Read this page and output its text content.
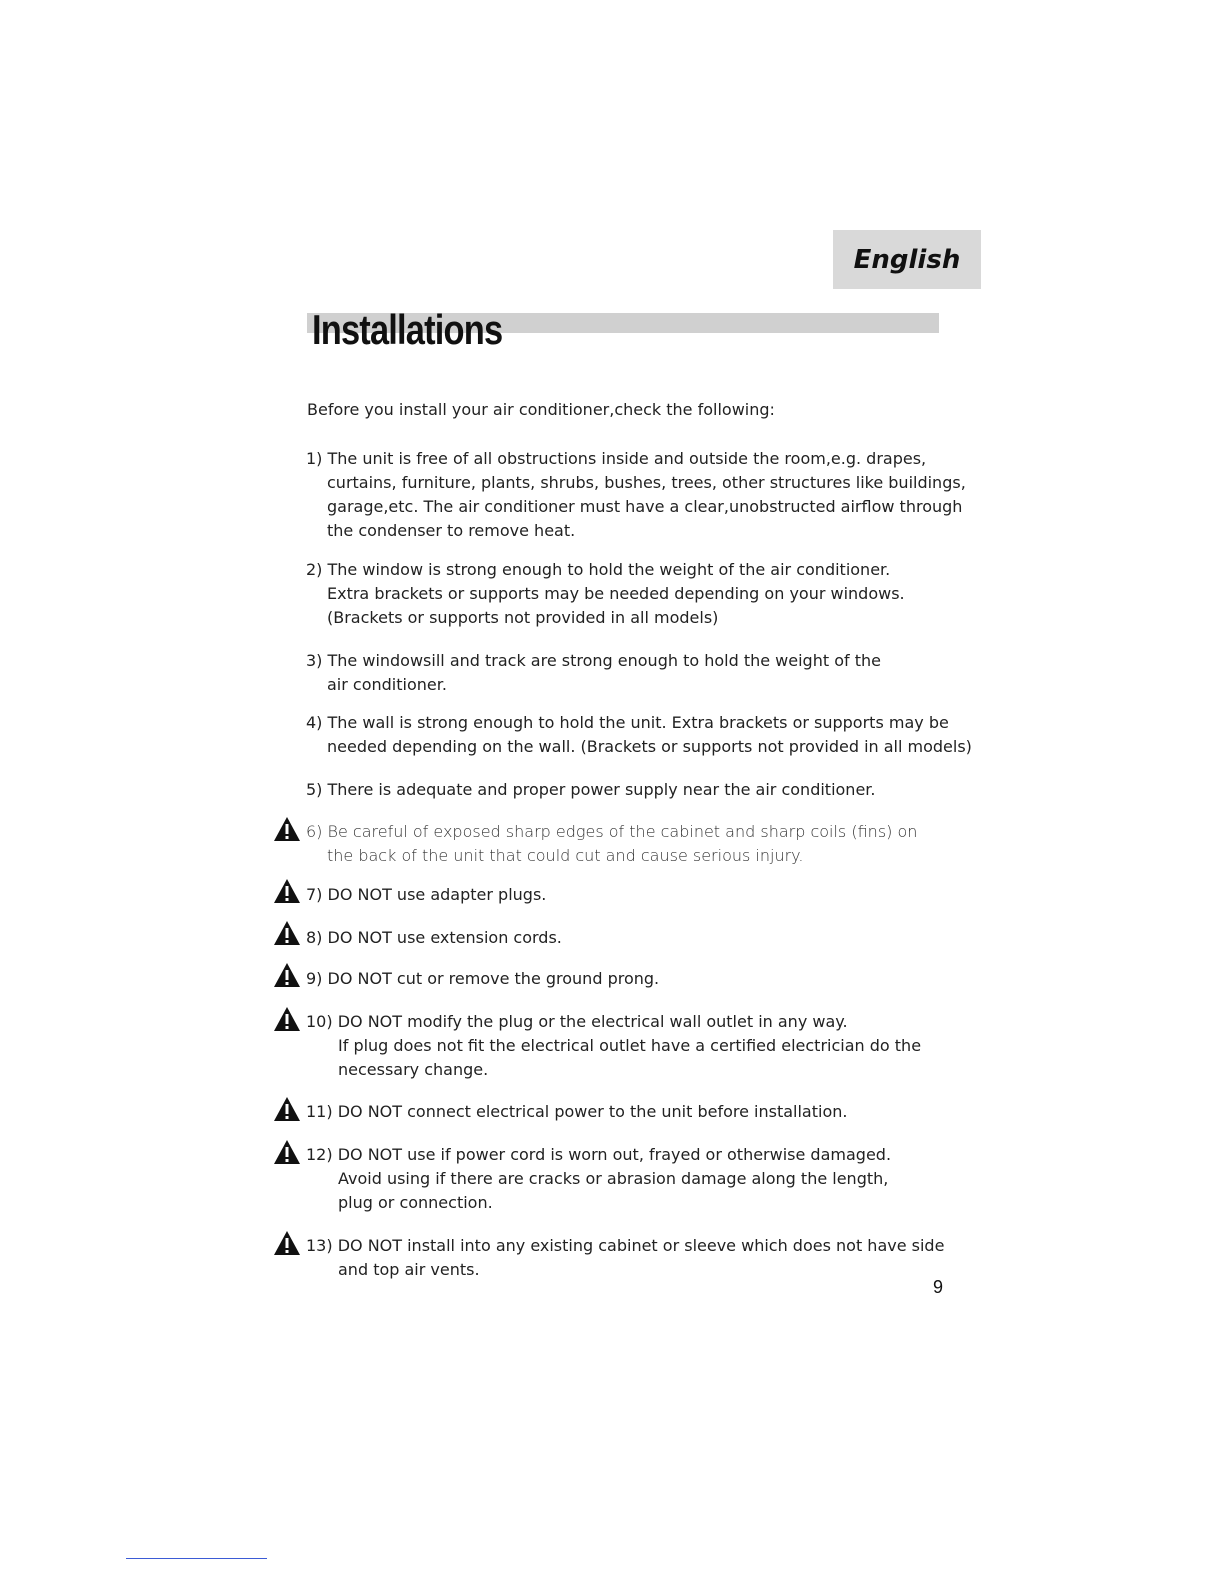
English
Installations
Before you install your air conditioner,check the following:
1) The unit is free of all obstructions inside and outside the room,e.g. drapes,
curtains, furniture, plants, shrubs, bushes, trees, other structures like buildings,
garage,etc. The air conditioner must have a clear,unobstructed airflow through
the condenser to remove heat.
2) The window is strong enough to hold the weight of the air conditioner.
Extra brackets or supports may be needed depending on your windows.
(Brackets or supports not provided in all models)
3) The windowsill and track are strong enough to hold the weight of the
air conditioner.
4) The wall is strong enough to hold the unit. Extra brackets or supports may be
needed depending on the wall. (Brackets or supports not provided in all models)
5) There is adequate and proper power supply near the air conditioner.
6) Be careful of exposed sharp edges of the cabinet and sharp coils (fins) on
the back of the unit that could cut and cause serious injury.
7) DO NOT use adapter plugs.
8) DO NOT use extension cords.
9) DO NOT cut or remove the ground prong.
10) DO NOT modify the plug or the electrical wall outlet in any way.
If plug does not fit the electrical outlet have a certified electrician do the
necessary change.
11) DO NOT connect electrical power to the unit before installation.
12) DO NOT use if power cord is worn out, frayed or otherwise damaged.
Avoid using if there are cracks or abrasion damage along the length,
plug or connection.
13) DO NOT install into any existing cabinet or sleeve which does not have side
and top air vents.
9
